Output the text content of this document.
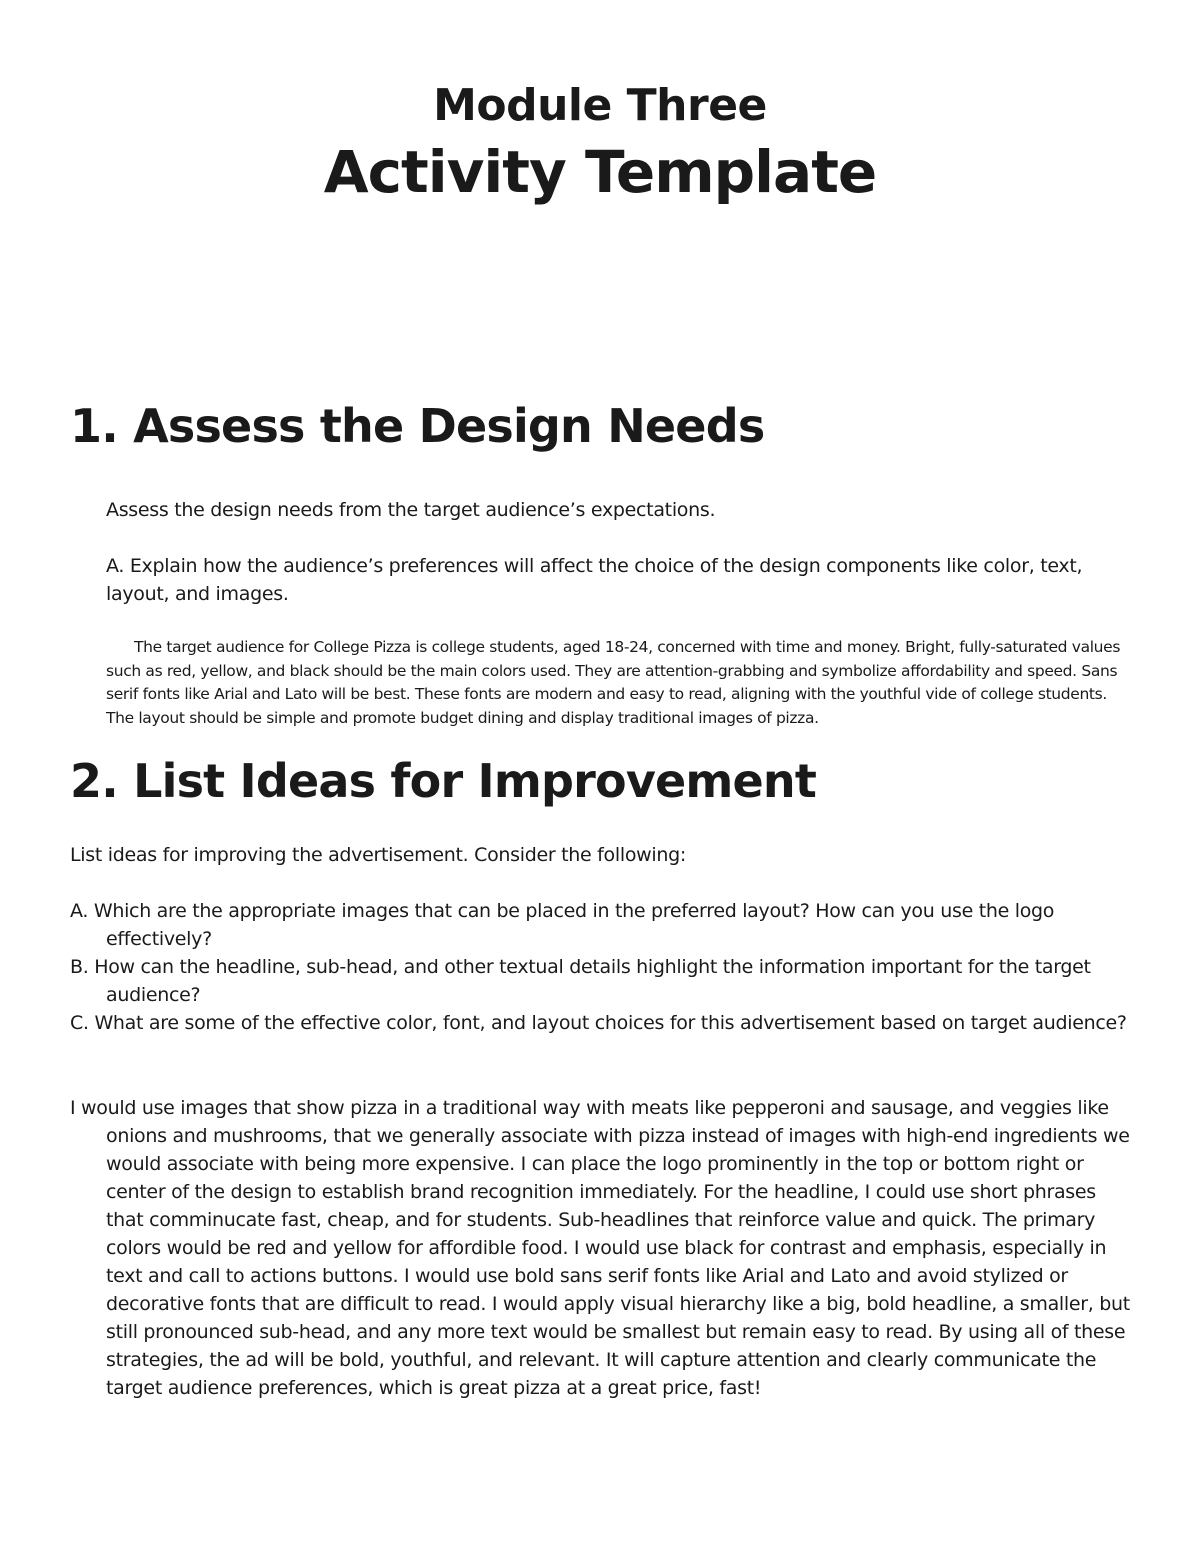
Module Three

Activity Template

1. Assess the Design Needs

Assess the design needs from the target audience’s expectations.

A. Explain how the audience’s preferences will affect the choice of the design components like color, text, layout, and images.

The target audience for College Pizza is college students, aged 18-24, concerned with time and money. Bright, fully-saturated values such as red, yellow, and black should be the main colors used. They are attention-grabbing and symbolize affordability and speed. Sans serif fonts like Arial and Lato will be best. These fonts are modern and easy to read, aligning with the youthful vide of college students. The layout should be simple and promote budget dining and display traditional images of pizza.

2. List Ideas for Improvement

List ideas for improving the advertisement. Consider the following:

A. Which are the appropriate images that can be placed in the preferred layout? How can you use the logo effectively?

B. How can the headline, sub-head, and other textual details highlight the information important for the target audience?

C. What are some of the effective color, font, and layout choices for this advertisement based on target audience?

I would use images that show pizza in a traditional way with meats like pepperoni and sausage, and veggies like onions and mushrooms, that we generally associate with pizza instead of images with high-end ingredients we would associate with being more expensive. I can place the logo prominently in the top or bottom right or center of the design to establish brand recognition immediately. For the headline, I could use short phrases that comminucate fast, cheap, and for students. Sub-headlines that reinforce value and quick. The primary colors would be red and yellow for affordible food. I would use black for contrast and emphasis, especially in text and call to actions buttons. I would use bold sans serif fonts like Arial and Lato and avoid stylized or decorative fonts that are difficult to read. I would apply visual hierarchy like a big, bold headline, a smaller, but still pronounced sub-head, and any more text would be smallest but remain easy to read. By using all of these strategies, the ad will be bold, youthful, and relevant. It will capture attention and clearly communicate the target audience preferences, which is great pizza at a great price, fast!
